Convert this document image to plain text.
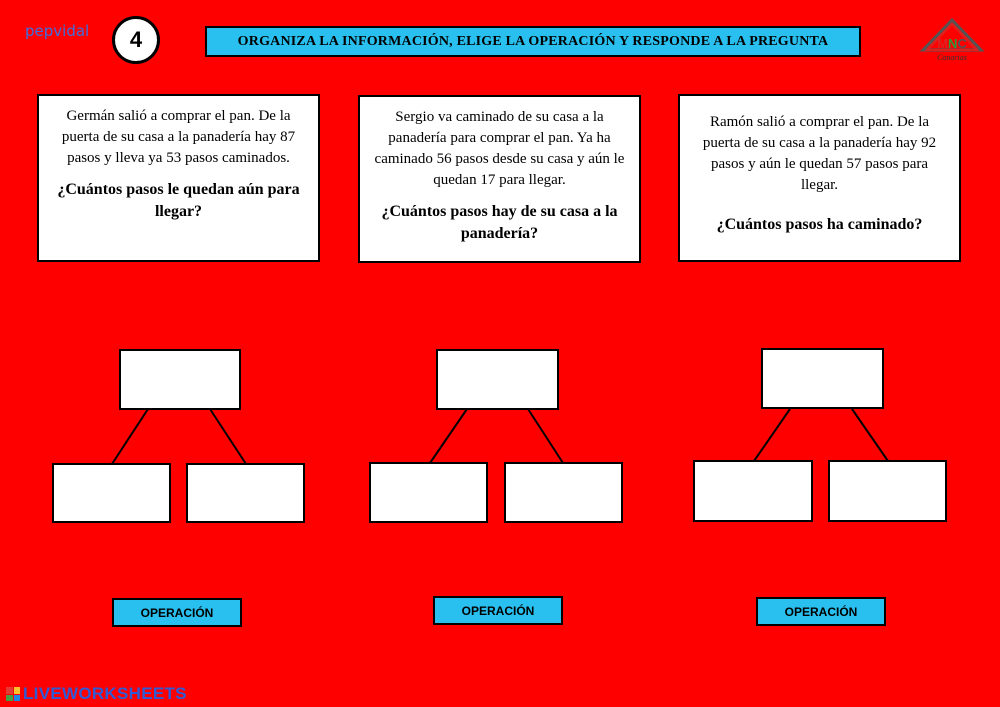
pepvidal	4	ORGANIZA LA INFORMACIÓN, ELIGE LA OPERACIÓN Y RESPONDE A LA PREGUNTA	MNC
Canarias

Germán salió a comprar el pan. De la puerta de su casa a la panadería hay 87 pasos y lleva ya 53 pasos caminados.

¿Cuántos pasos le quedan aún para llegar?

Sergio va caminado de su casa a la panadería para comprar el pan. Ya ha caminado 56 pasos desde su casa y aún le quedan 17 para llegar.

¿Cuántos pasos hay de su casa a la panadería?

Ramón salió a comprar el pan. De la puerta de su casa a la panadería hay 92 pasos y aún le quedan 57 pasos para llegar.

¿Cuántos pasos ha caminado?

OPERACIÓN	OPERACIÓN	OPERACIÓN
LIVEWORKSHEETS
